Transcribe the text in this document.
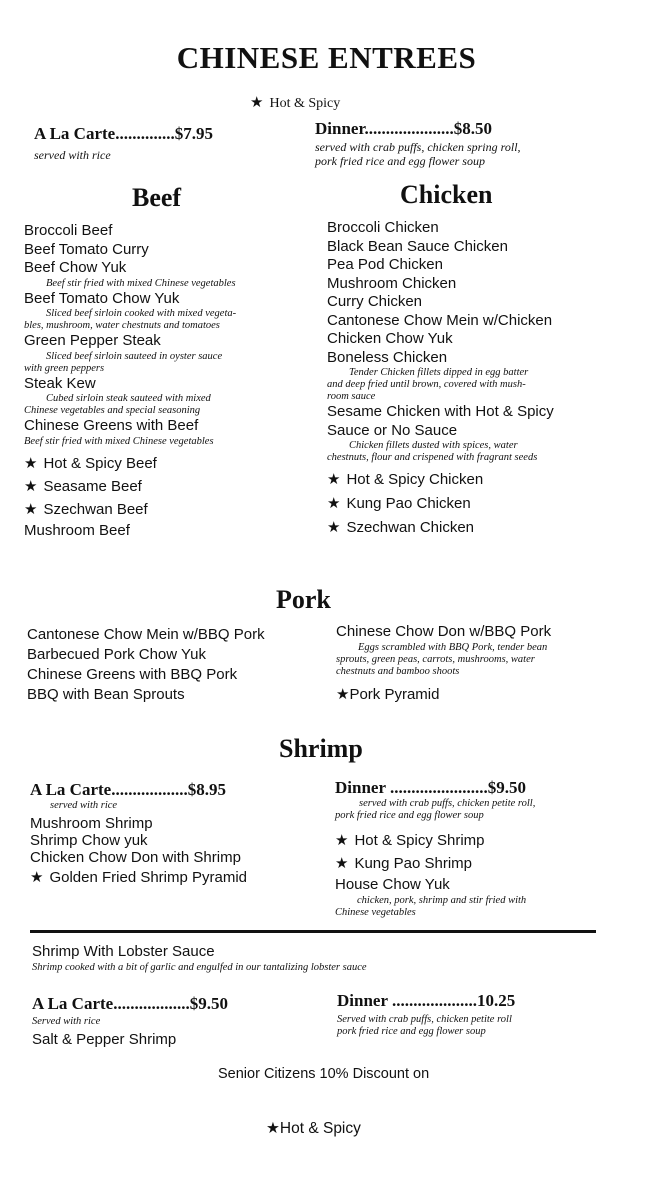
CHINESE ENTREES
★ Hot & Spicy
A La Carte..............$7.95
served with rice
Dinner.....................$8.50
served with crab puffs, chicken spring roll,
pork fried rice and egg flower soup
Beef
Broccoli Beef
Beef Tomato Curry
Beef Chow Yuk
Beef stir fried with mixed Chinese vegetables
Beef Tomato Chow Yuk
Sliced beef sirloin cooked with mixed vegeta-
bles, mushroom, water chestnuts and tomatoes
Green Pepper Steak
Sliced beef sirloin sauteed in oyster sauce
with green peppers
Steak Kew
Cubed sirloin steak sauteed with mixed
Chinese vegetables and special seasoning
Chinese Greens with Beef
Beef stir fried with mixed Chinese vegetables
★ Hot & Spicy Beef
★ Seasame Beef
★ Szechwan Beef
Mushroom Beef
Chicken
Broccoli Chicken
Black Bean Sauce Chicken
Pea Pod Chicken
Mushroom Chicken
Curry Chicken
Cantonese Chow Mein w/Chicken
Chicken Chow Yuk
Boneless Chicken
Tender Chicken fillets dipped in egg batter
and deep fried until brown, covered with mush-
room sauce
Sesame Chicken with Hot & Spicy
Sauce or No Sauce
Chicken fillets dusted with spices, water
chestnuts, flour and crispened with fragrant seeds
★ Hot & Spicy Chicken
★ Kung Pao Chicken
★ Szechwan Chicken
Pork
Cantonese Chow Mein w/BBQ Pork
Barbecued Pork Chow Yuk
Chinese Greens with BBQ Pork
BBQ with Bean Sprouts
Chinese Chow Don w/BBQ Pork
Eggs scrambled with BBQ Pork, tender bean
sprouts, green peas, carrots, mushrooms, water
chestnuts and bamboo shoots
★Pork Pyramid
Shrimp
A La Carte..................$8.95
served with rice
Mushroom Shrimp
Shrimp Chow yuk
Chicken Chow Don with Shrimp
★ Golden Fried Shrimp Pyramid
Dinner .......................$9.50
served with crab puffs, chicken petite roll,
pork fried rice and egg flower soup
★ Hot & Spicy Shrimp
★ Kung Pao Shrimp
House Chow Yuk
chicken, pork, shrimp and stir fried with
Chinese vegetables
Shrimp With Lobster Sauce
Shrimp cooked with a bit of garlic and engulfed in our tantalizing lobster sauce
A La Carte..................$9.50
Served with rice
Salt & Pepper Shrimp
Dinner ....................10.25
Served with crab puffs, chicken petite roll
pork fried rice and egg flower soup
Senior Citizens 10% Discount on
★Hot & Spicy
